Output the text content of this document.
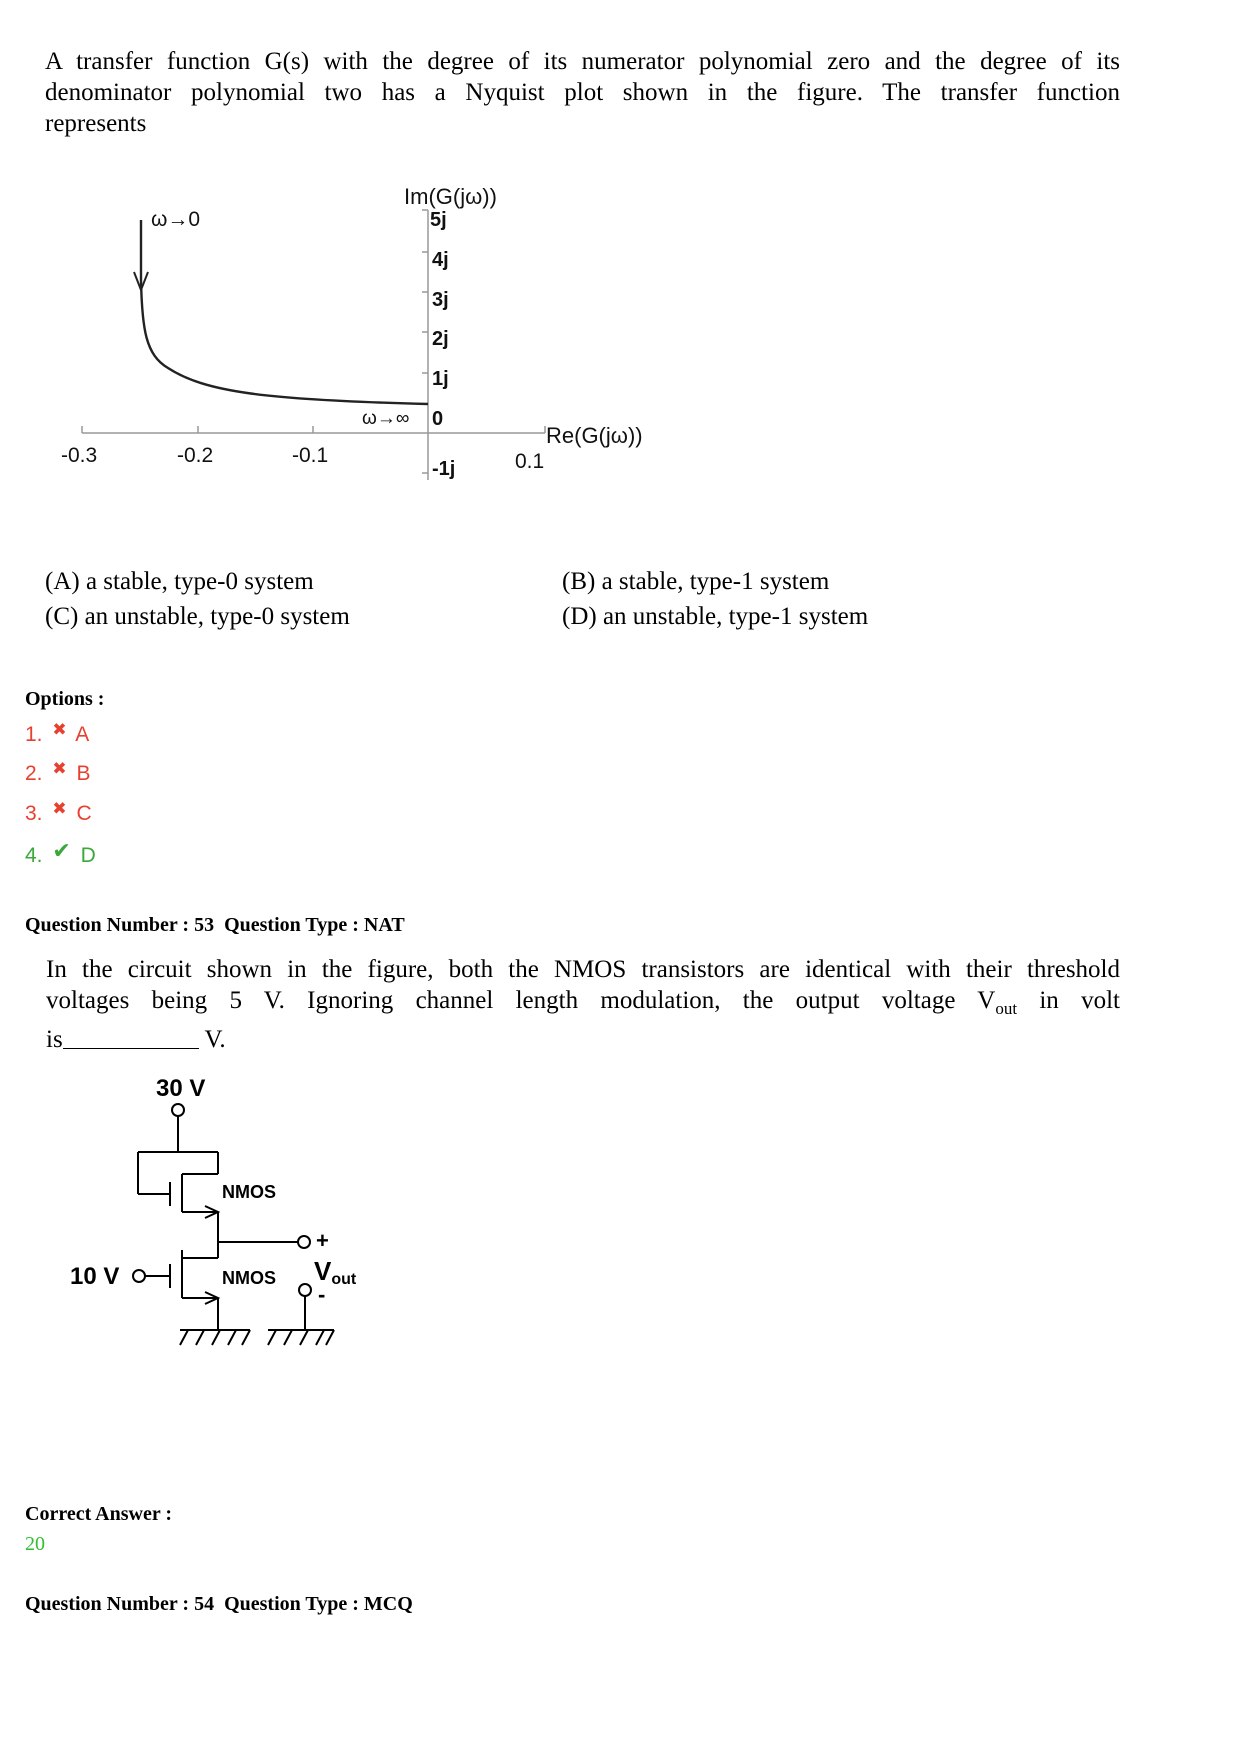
A transfer function G(s) with the degree of its numerator polynomial zero and the degree of its
denominator polynomial two has a Nyquist plot shown in the figure. The transfer function
represents
Im(G(jω))
Re(G(jω))
5j
4j
3j
2j
1j
0
-1j
-0.3	-0.2	-0.1	0.1
ω→0
ω→∞
(A) a stable, type-0 system	(B) a stable, type-1 system
(C) an unstable, type-0 system	(D) an unstable, type-1 system
Options :
1. ✖ A
2. ✖ B
3. ✖ C
4. ✔ D
Question Number : 53  Question Type : NAT
In the circuit shown in the figure, both the NMOS transistors are identical with their threshold
voltages being 5 V. Ignoring channel length modulation, the output voltage $V_{out}$ in volt
is	V.
30 V
NMOS
NMOS
10 V
+
-
Vout
Correct Answer :
20
Question Number : 54  Question Type : MCQ
